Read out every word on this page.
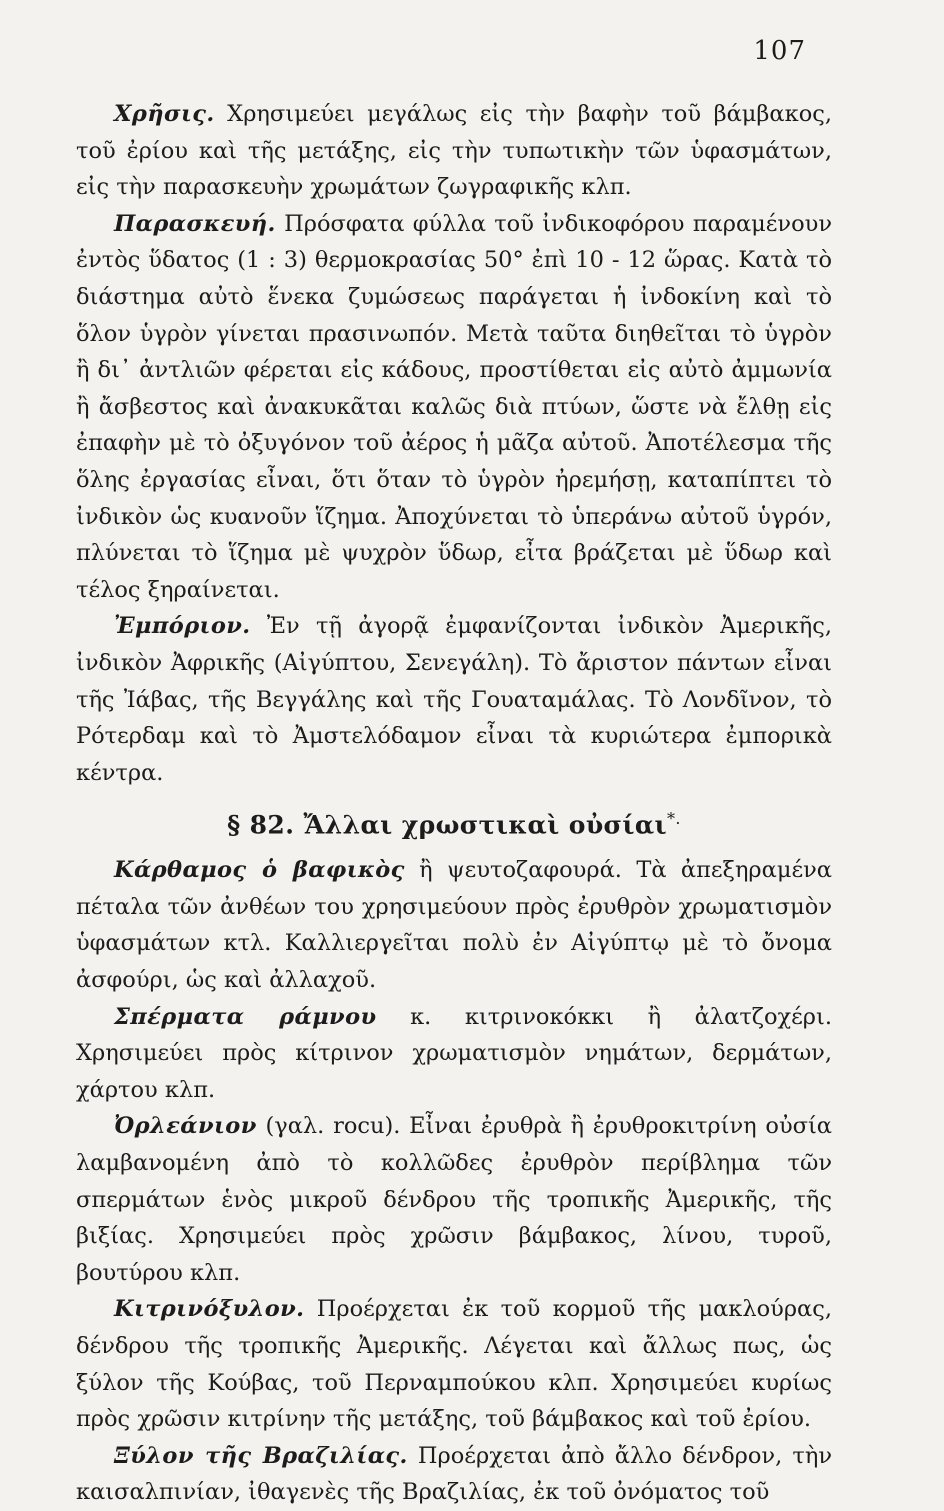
107

Χρῆσις. Χρησιμεύει μεγάλως εἰς τὴν βαφὴν τοῦ βάμβακος, τοῦ ἐρίου καὶ τῆς μετάξης, εἰς τὴν τυπωτικὴν τῶν ὑφασμάτων, εἰς τὴν παρασκευὴν χρωμάτων ζωγραφικῆς κλπ.

Παρασκευή. Πρόσφατα φύλλα τοῦ ἰνδικοφόρου παραμένουν ἐντὸς ὕδατος (1 : 3) θερμοκρασίας 50° ἐπὶ 10 - 12 ὥρας. Κατὰ τὸ διάστημα αὐτὸ ἕνεκα ζυμώσεως παράγεται ἡ ἰνδοκίνη καὶ τὸ ὅλον ὑγρὸν γίνεται πρασινωπόν. Μετὰ ταῦτα διηθεῖται τὸ ὑγρὸν ἢ δι᾽ ἀντλιῶν φέρεται εἰς κάδους, προστίθεται εἰς αὐτὸ ἀμμωνία ἢ ἄσβεστος καὶ ἀνακυκᾶται καλῶς διὰ πτύων, ὥστε νὰ ἔλθῃ εἰς ἐπαφὴν μὲ τὸ ὀξυγόνον τοῦ ἀέρος ἡ μᾶζα αὐτοῦ. Ἀποτέλεσμα τῆς ὅλης ἐργασίας εἶναι, ὅτι ὅταν τὸ ὑγρὸν ἠρεμήσῃ, καταπίπτει τὸ ἰνδικὸν ὡς κυανοῦν ἵζημα. Ἀποχύνεται τὸ ὑπεράνω αὐτοῦ ὑγρόν, πλύνεται τὸ ἵζημα μὲ ψυχρὸν ὕδωρ, εἶτα βράζεται μὲ ὕδωρ καὶ τέλος ξηραίνεται.

Ἐμπόριον. Ἐν τῇ ἀγορᾷ ἐμφανίζονται ἰνδικὸν Ἀμερικῆς, ἰνδικὸν Ἀφρικῆς (Αἰγύπτου, Σενεγάλη). Τὸ ἄριστον πάντων εἶναι τῆς Ἰάβας, τῆς Βεγγάλης καὶ τῆς Γουαταμάλας. Τὸ Λονδῖνον, τὸ Ρότερδαμ καὶ τὸ Ἀμστελόδαμον εἶναι τὰ κυριώτερα ἐμπορικὰ κέντρα.

§ 82. Ἄλλαι χρωστικαὶ οὐσίαι*.

Κάρθαμος ὁ βαφικὸς ἢ ψευτοζαφουρά. Τὰ ἀπεξηραμένα πέταλα τῶν ἀνθέων του χρησιμεύουν πρὸς ἐρυθρὸν χρωματισμὸν ὑφασμάτων κτλ. Καλλιεργεῖται πολὺ ἐν Αἰγύπτῳ μὲ τὸ ὄνομα ἀσφούρι, ὡς καὶ ἀλλαχοῦ.

Σπέρματα ράμνου κ. κιτρινοκόκκι ἢ ἀλατζοχέρι. Χρησιμεύει πρὸς κίτρινον χρωματισμὸν νημάτων, δερμάτων, χάρτου κλπ.

Ὀρλεάνιον (γαλ. rocu). Εἶναι ἐρυθρὰ ἢ ἐρυθροκιτρίνη οὐσία λαμβανομένη ἀπὸ τὸ κολλῶδες ἐρυθρὸν περίβλημα τῶν σπερμάτων ἑνὸς μικροῦ δένδρου τῆς τροπικῆς Ἀμερικῆς, τῆς βιξίας. Χρησιμεύει πρὸς χρῶσιν βάμβακος, λίνου, τυροῦ, βουτύρου κλπ.

Κιτρινόξυλον. Προέρχεται ἐκ τοῦ κορμοῦ τῆς μακλούρας, δένδρου τῆς τροπικῆς Ἀμερικῆς. Λέγεται καὶ ἄλλως πως, ὡς ξύλον τῆς Κούβας, τοῦ Περναμπούκου κλπ. Χρησιμεύει κυρίως πρὸς χρῶσιν κιτρίνην τῆς μετάξης, τοῦ βάμβακος καὶ τοῦ ἐρίου.

Ξύλον τῆς Βραζιλίας. Προέρχεται ἀπὸ ἄλλο δένδρον, τὴν καισαλπινίαν, ἰθαγενὲς τῆς Βραζιλίας, ἐκ τοῦ ὀνόματος τοῦ
